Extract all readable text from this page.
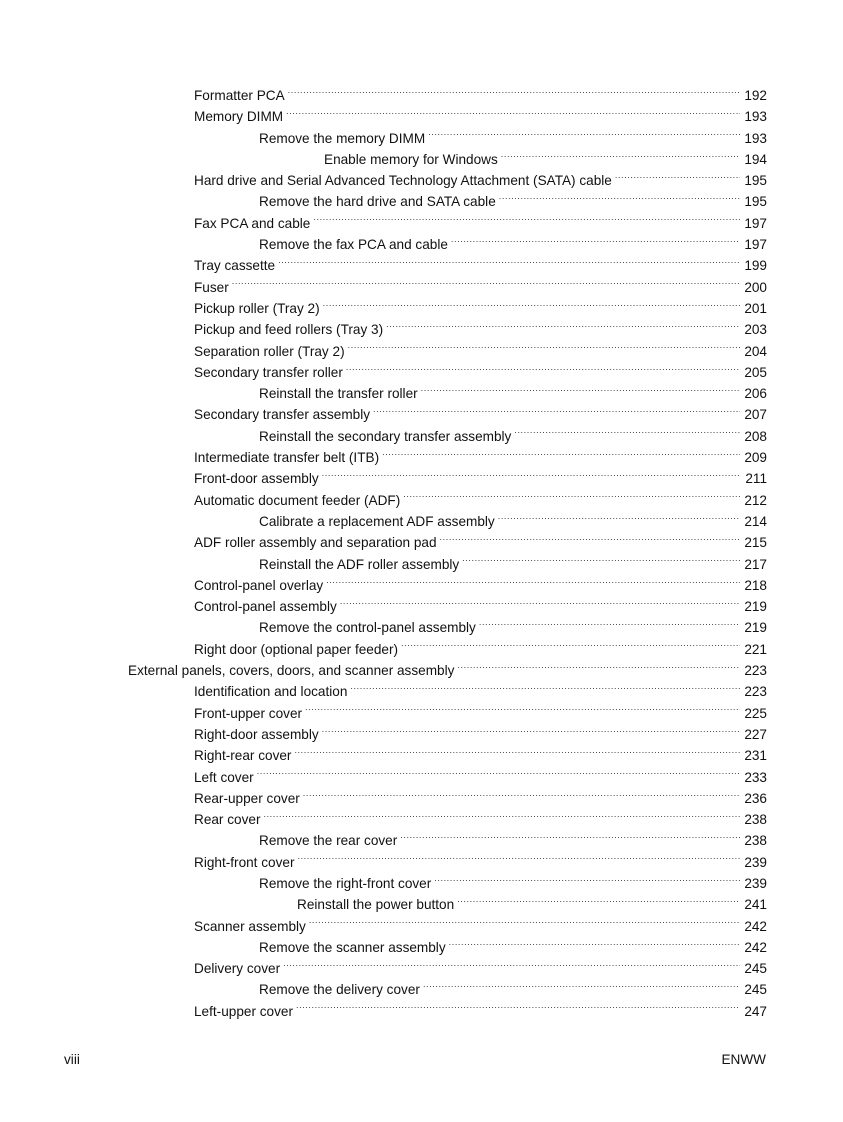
Formatter PCA .....	192
Memory DIMM .....	193
Remove the memory DIMM .....	193
Enable memory for Windows .....	194
Hard drive and Serial Advanced Technology Attachment (SATA) cable .....	195
Remove the hard drive and SATA cable .....	195
Fax PCA and cable .....	197
Remove the fax PCA and cable .....	197
Tray cassette .....	199
Fuser .....	200
Pickup roller (Tray 2) .....	201
Pickup and feed rollers (Tray 3) .....	203
Separation roller (Tray 2) .....	204
Secondary transfer roller .....	205
Reinstall the transfer roller .....	206
Secondary transfer assembly .....	207
Reinstall the secondary transfer assembly .....	208
Intermediate transfer belt (ITB) .....	209
Front-door assembly .....	211
Automatic document feeder (ADF) .....	212
Calibrate a replacement ADF assembly .....	214
ADF roller assembly and separation pad .....	215
Reinstall the ADF roller assembly .....	217
Control-panel overlay .....	218
Control-panel assembly .....	219
Remove the control-panel assembly .....	219
Right door (optional paper feeder) .....	221
External panels, covers, doors, and scanner assembly .....	223
Identification and location .....	223
Front-upper cover .....	225
Right-door assembly .....	227
Right-rear cover .....	231
Left cover .....	233
Rear-upper cover .....	236
Rear cover .....	238
Remove the rear cover .....	238
Right-front cover .....	239
Remove the right-front cover .....	239
Reinstall the power button .....	241
Scanner assembly .....	242
Remove the scanner assembly .....	242
Delivery cover .....	245
Remove the delivery cover .....	245
Left-upper cover .....	247
viii	ENWW
